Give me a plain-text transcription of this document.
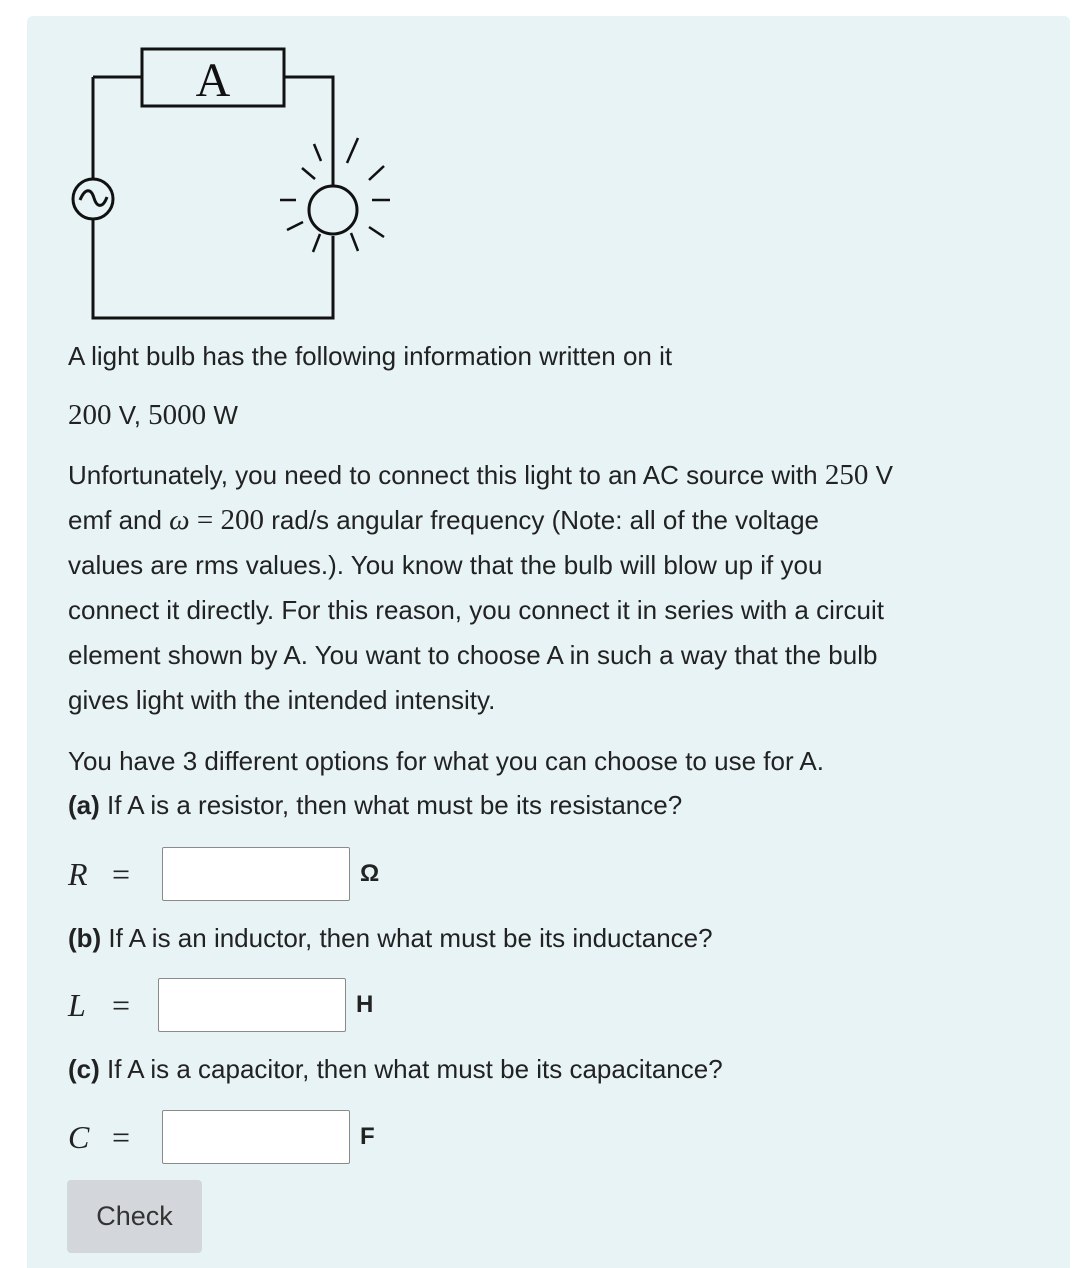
A
A light bulb has the following information written on it
200 V, 5000 W
Unfortunately, you need to connect this light to an AC source with 250 V
emf and ω = 200 rad/s angular frequency (Note: all of the voltage
values are rms values.). You know that the bulb will blow up if you
connect it directly. For this reason, you connect it in series with a circuit
element shown by A. You want to choose A in such a way that the bulb
gives light with the intended intensity.
You have 3 different options for what you can choose to use for A.
(a) If A is a resistor, then what must be its resistance?
R =	Ω
(b) If A is an inductor, then what must be its inductance?
L =	H
(c) If A is a capacitor, then what must be its capacitance?
C =	F
Check
